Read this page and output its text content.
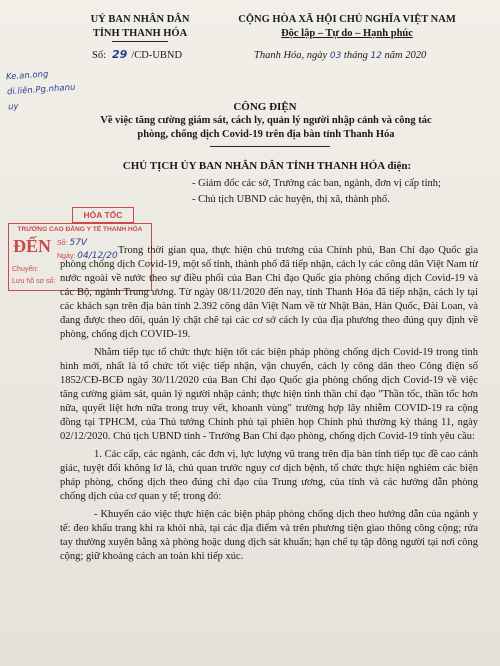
UỶ BAN NHÂN DÂN
TỈNH THANH HÓA
CỘNG HÒA XÃ HỘI CHỦ NGHĨA VIỆT NAM
Độc lập – Tự do – Hạnh phúc
Số: 29 /CD-UBND	Thanh Hóa, ngày 03 tháng 12 năm 2020
Ke.an.ong
di.liên.Pg.nhanu
uy	CÔNG ĐIỆN
Về việc tăng cường giám sát, cách ly, quản lý người nhập cảnh và công tác
phòng, chống dịch Covid-19 trên địa bàn tỉnh Thanh Hóa
CHỦ TỊCH ỦY BAN NHÂN DÂN TỈNH THANH HÓA điện:
- Giám đốc các sở, Trưởng các ban, ngành, đơn vị cấp tỉnh;
- Chủ tịch UBND các huyện, thị xã, thành phố.
HỎA TỐC
TRƯỜNG CAO ĐẲNG Y TẾ THANH HÓA
ĐẾN Số: 57V
Ngày: 04/12/20
Chuyển:
Lưu hồ sơ số:

Trong thời gian qua, thực hiện chủ trương của Chính phủ, Ban Chỉ đạo Quốc gia phòng chống dịch Covid-19, một số tỉnh, thành phố đã tiếp nhận, cách ly các công dân Việt Nam từ nước ngoài về nước theo sự điều phối của Ban Chỉ đạo Quốc gia phòng chống dịch Covid-19 và các Bộ, ngành Trung ương. Từ ngày 08/11/2020 đến nay, tỉnh Thanh Hóa đã tiếp nhận, cách ly tại các khách sạn trên địa bàn tỉnh 2.392 công dân Việt Nam về từ Nhật Bản, Hàn Quốc, Đài Loan, và đang được theo dõi, quản lý chặt chẽ tại các cơ sở cách ly của địa phương theo đúng quy định về phòng, chống dịch COVID-19.

Nhằm tiếp tục tổ chức thực hiện tốt các biện pháp phòng chống dịch Covid-19 trong tình hình mới, nhất là tổ chức tốt việc tiếp nhận, vận chuyển, cách ly công dân theo Công điện số 1852/CĐ-BCĐ ngày 30/11/2020 của Ban Chỉ đạo Quốc gia phòng chống dịch Covid-19 về việc tăng cường giám sát, quản lý người nhập cảnh; thực hiện tinh thần chỉ đạo "Thần tốc, thần tốc hơn nữa, quyết liệt hơn nữa trong truy vết, khoanh vùng" trường hợp lây nhiễm COVID-19 ra cộng đồng tại TPHCM, của Thủ tướng Chính phủ tại phiên họp Chính phủ thường kỳ tháng 11, ngày 02/12/2020. Chủ tịch UBND tỉnh - Trưởng Ban Chỉ đạo phòng, chống dịch Covid-19 tỉnh yêu cầu:

1. Các cấp, các ngành, các đơn vị, lực lượng vũ trang trên địa bàn tỉnh tiếp tục đề cao cảnh giác, tuyệt đối không lơ là, chủ quan trước nguy cơ dịch bệnh, tổ chức thực hiện nghiêm các biện pháp phòng, chống dịch theo đúng chỉ đạo của Trung ương, của tỉnh và các hướng dẫn phòng chống dịch của cơ quan y tế; trong đó:

- Khuyến cáo việc thực hiện các biện pháp phòng chống dịch theo hướng dẫn của ngành y tế: đeo khẩu trang khi ra khỏi nhà, tại các địa điểm và trên phương tiện giao thông công cộng; rửa tay thường xuyên bằng xà phòng hoặc dung dịch sát khuẩn; hạn chế tụ tập đông người tại nơi công cộng; giữ khoảng cách an toàn khi tiếp xúc.
